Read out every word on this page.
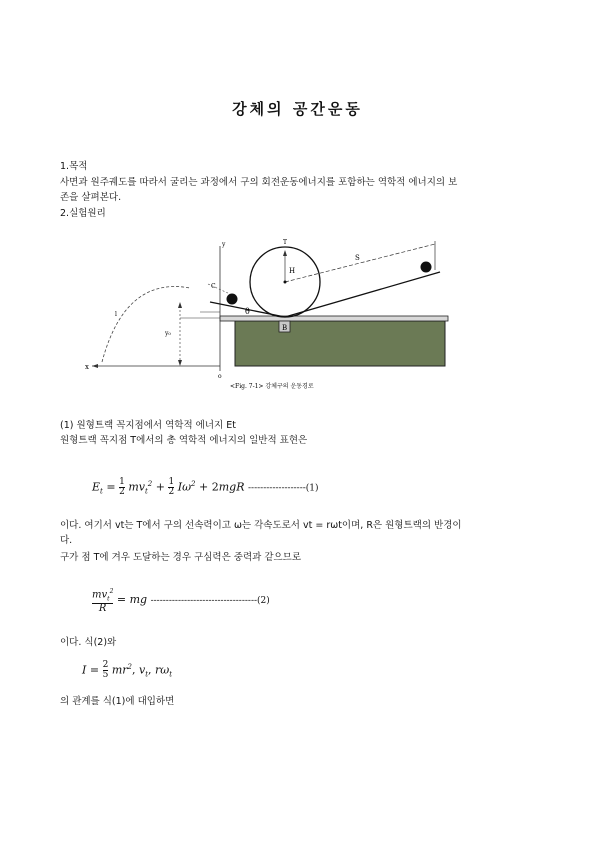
강체의 공간운동
1.목적
사면과 원주궤도를 따라서 굴리는 과정에서 구의 회전운동에너지를 포함하는 역학적 에너지의 보
존을 살펴본다.
2.실험원리
y
θ
H
S
B
x
o
y₀
C
l
T
<Fig. 7-1> 강체구의 운동경로
(1) 원형트랙 꼭지점에서 역학적 에너지 Et
원형트랙 꼭지점 T에서의 총 역학적 에너지의 일반적 표현은
$E_t = \frac{1}{2} mv_t^2 + \frac{1}{2} I\omega^2 + 2mgR$ -------------------(1)
이다. 여기서 vt는 T에서 구의 선속력이고 ω는 각속도로서 vt = rωt이며, R은 원형트랙의 반경이
다.
구가 점 T에 겨우 도달하는 경우 구심력은 중력과 같으므로
$\frac{mv_t^2}{R}$ = mg -----------------------------------(2)
이다. 식(2)와
$I = \frac{2}{5} mr^2$, $v_t$, $r\omega_t$
의 관계를 식(1)에 대입하면
